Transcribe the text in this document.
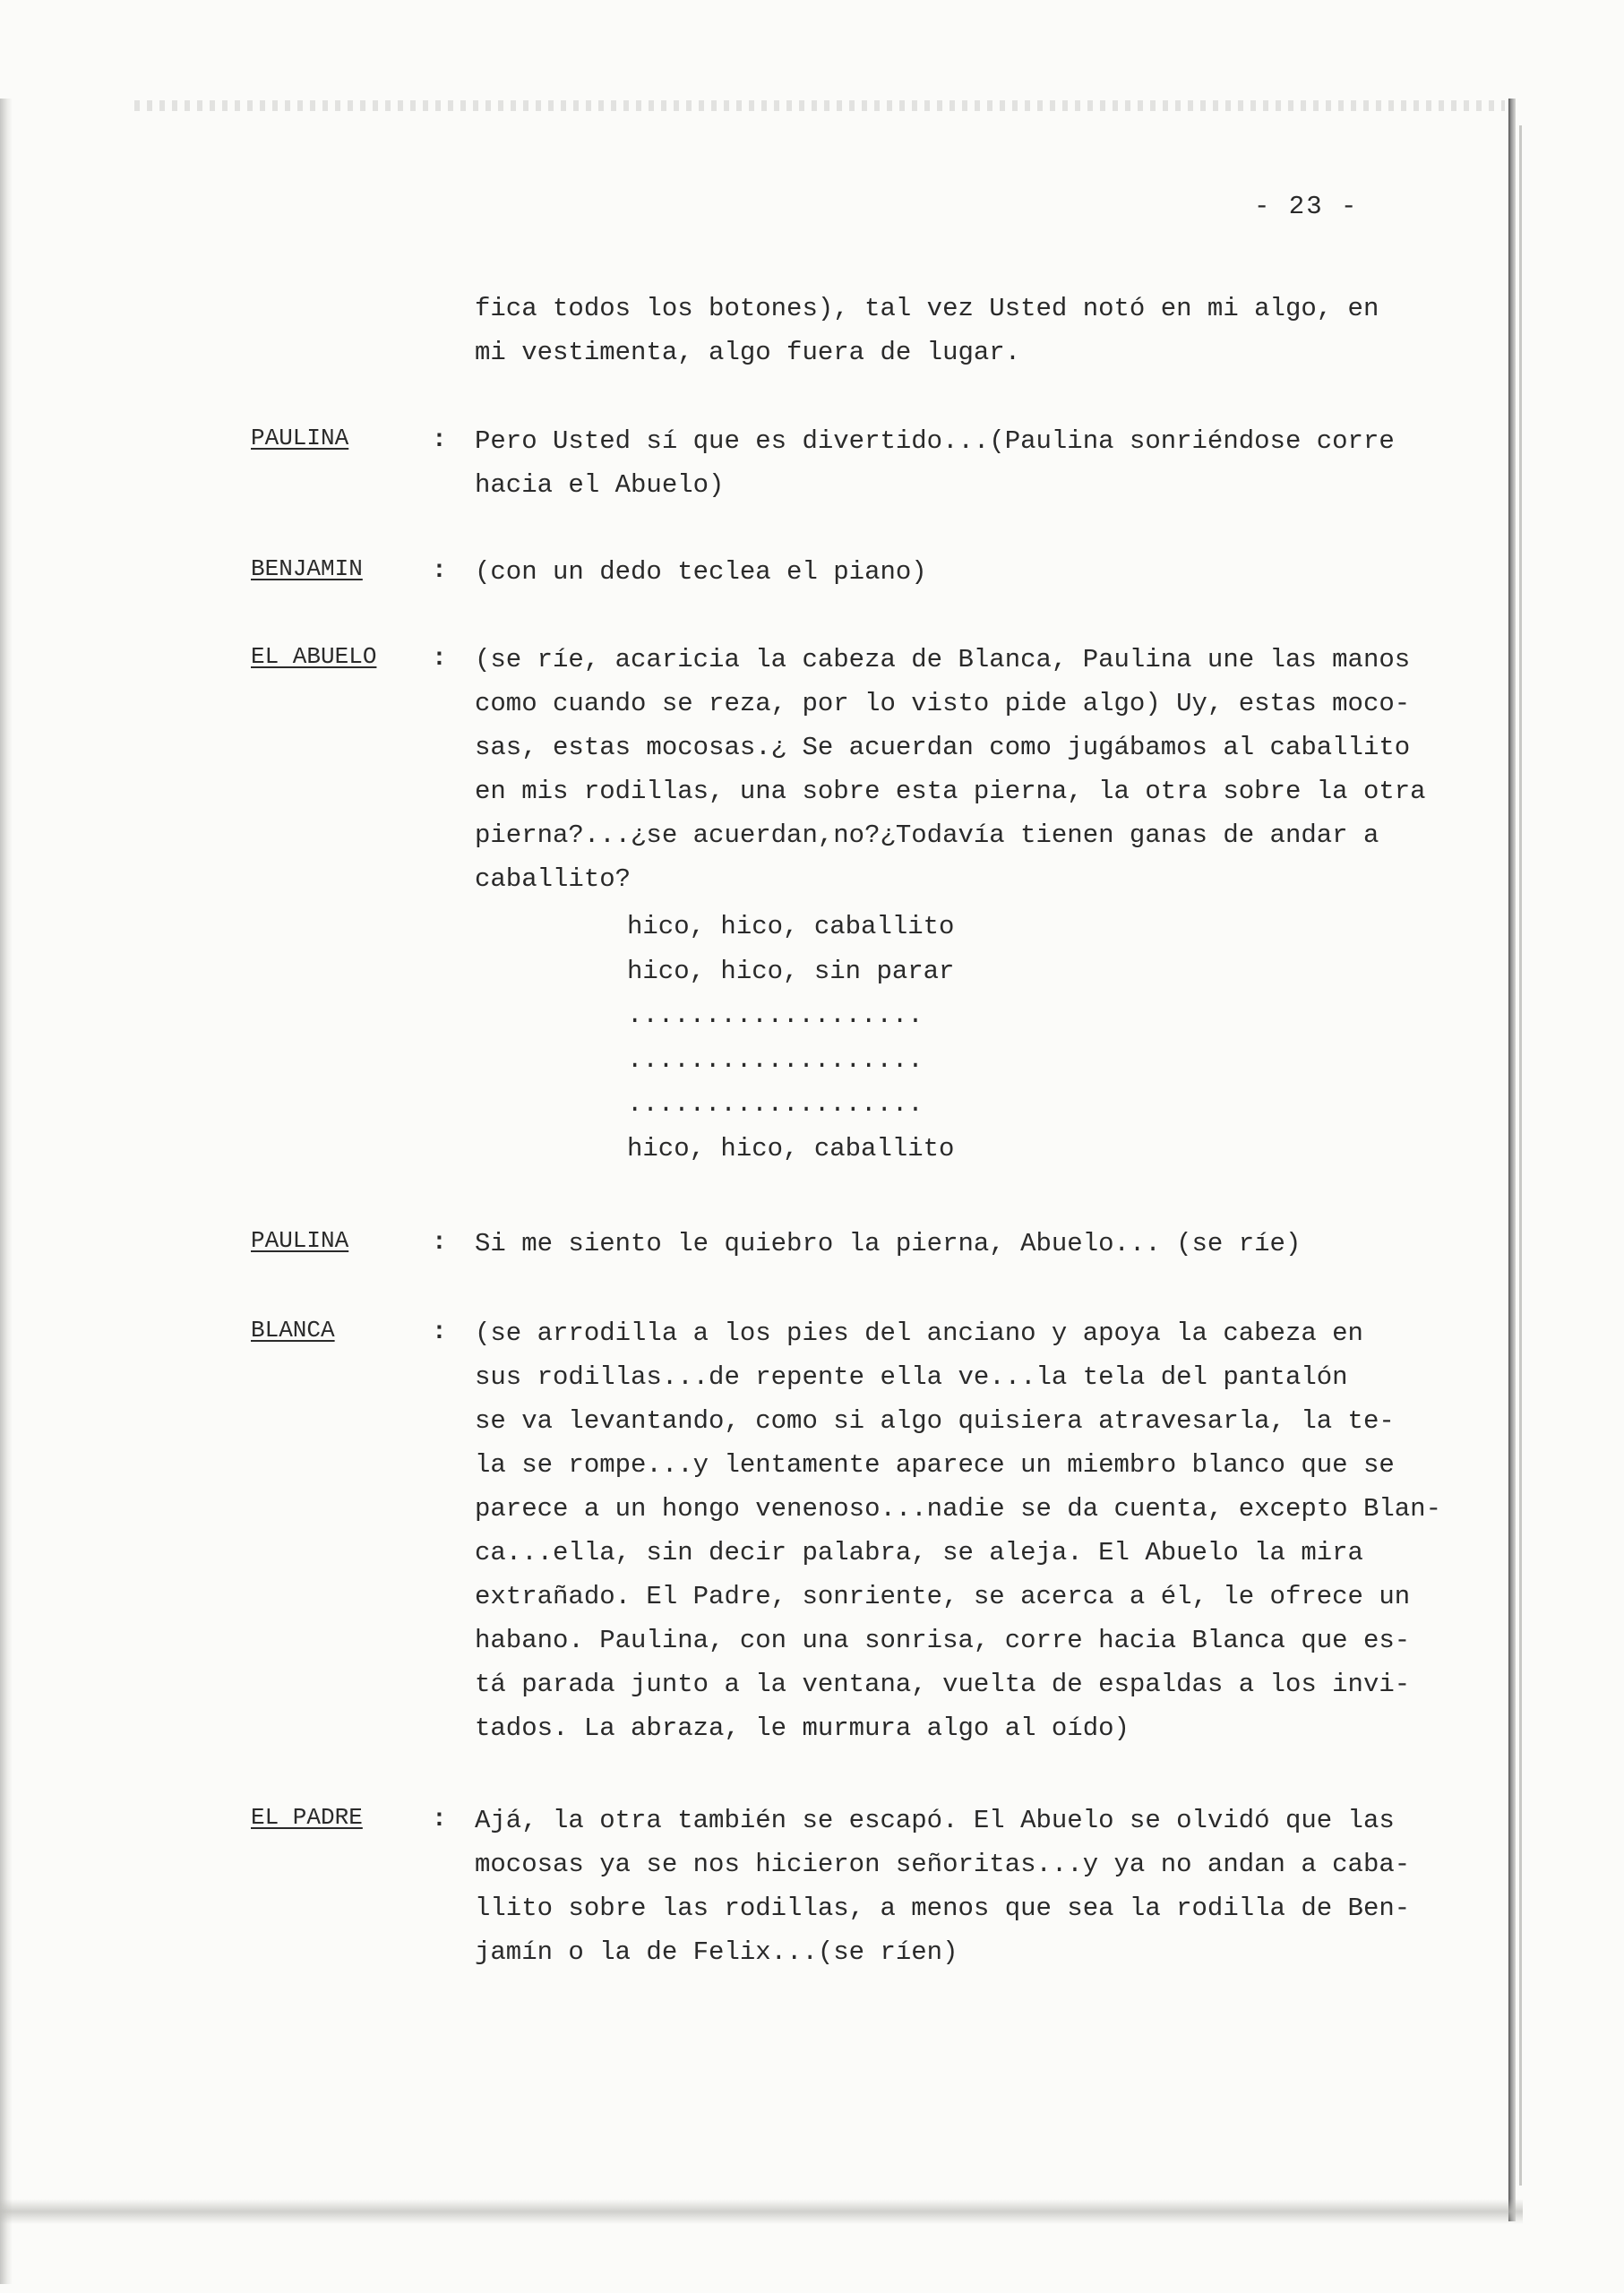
- 23 -
fica todos los botones), tal vez Usted notó en mi algo, en
mi vestimenta, algo fuera de lugar.
PAULINA	: Pero Usted sí que es divertido...(Paulina sonriéndose corre
hacia el Abuelo)
BENJAMIN	: (con un dedo teclea el piano)
EL ABUELO : (se ríe, acaricia la cabeza de Blanca, Paulina une las manos
como cuando se reza, por lo visto pide algo) Uy, estas moco-
sas, estas mocosas.¿ Se acuerdan como jugábamos al caballito
en mis rodillas, una sobre esta pierna, la otra sobre la otra
pierna?...¿se acuerdan,no?¿Todavía tienen ganas de andar a
caballito?
hico, hico, caballito
hico, hico, sin parar
...................
...................
...................
hico, hico, caballito
PAULINA	: Si me siento le quiebro la pierna, Abuelo... (se ríe)
BLANCA	: (se arrodilla a los pies del anciano y apoya la cabeza en
sus rodillas...de repente ella ve...la tela del pantalón
se va levantando, como si algo quisiera atravesarla, la te-
la se rompe...y lentamente aparece un miembro blanco que se
parece a un hongo venenoso...nadie se da cuenta, excepto Blan-
ca...ella, sin decir palabra, se aleja. El Abuelo la mira
extrañado. El Padre, sonriente, se acerca a él, le ofrece un
habano. Paulina, con una sonrisa, corre hacia Blanca que es-
tá parada junto a la ventana, vuelta de espaldas a los invi-
tados. La abraza, le murmura algo al oído)
EL PADRE	: Ajá, la otra también se escapó. El Abuelo se olvidó que las
mocosas ya se nos hicieron señoritas...y ya no andan a caba-
llito sobre las rodillas, a menos que sea la rodilla de Ben-
jamín o la de Felix...(se ríen)
